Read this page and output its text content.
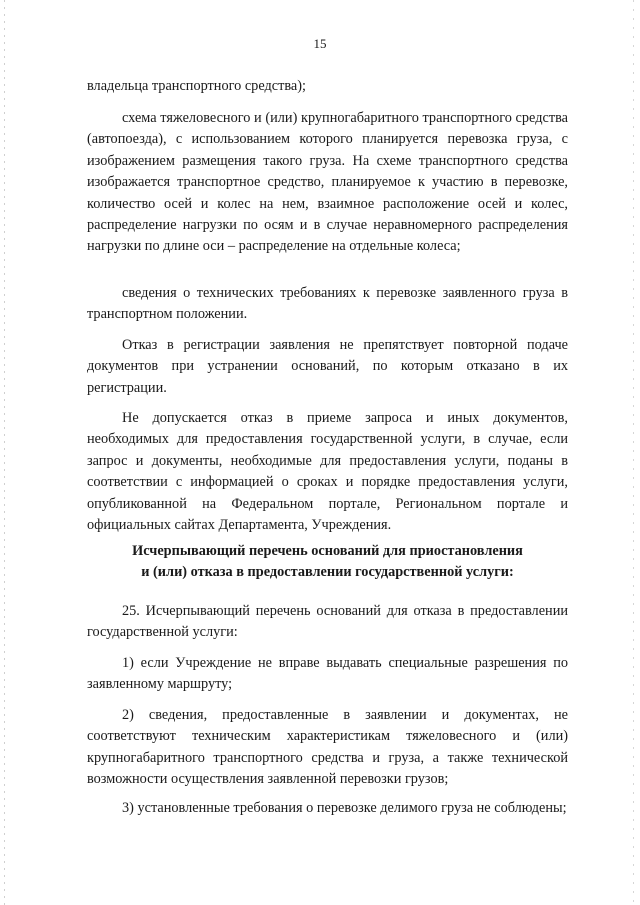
15

владельца транспортного средства);

схема тяжеловесного и (или) крупногабаритного транспортного средства (автопоезда), с использованием которого планируется перевозка груза, с изображением размещения такого груза. На схеме транспортного средства изображается транспортное средство, планируемое к участию в перевозке, количество осей и колес на нем, взаимное расположение осей и колес, распределение нагрузки по осям и в случае неравномерного распределения нагрузки по длине оси – распределение на отдельные колеса;

сведения о технических требованиях к перевозке заявленного груза в транспортном положении.

Отказ в регистрации заявления не препятствует повторной подаче документов при устранении оснований, по которым отказано в их регистрации.

Не допускается отказ в приеме запроса и иных документов, необходимых для предоставления государственной услуги, в случае, если запрос и документы, необходимые для предоставления услуги, поданы в соответствии с информацией о сроках и порядке предоставления услуги, опубликованной на Федеральном портале, Региональном портале и официальных сайтах Департамента, Учреждения.

Исчерпывающий перечень оснований для приостановления
и (или) отказа в предоставлении государственной услуги:

25. Исчерпывающий перечень оснований для отказа в предоставлении государственной услуги:

1) если Учреждение не вправе выдавать специальные разрешения по заявленному маршруту;

2) сведения, предоставленные в заявлении и документах, не соответствуют техническим характеристикам тяжеловесного и (или) крупногабаритного транспортного средства и груза, а также технической возможности осуществления заявленной перевозки грузов;

3) установленные требования о перевозке делимого груза не соблюдены;
